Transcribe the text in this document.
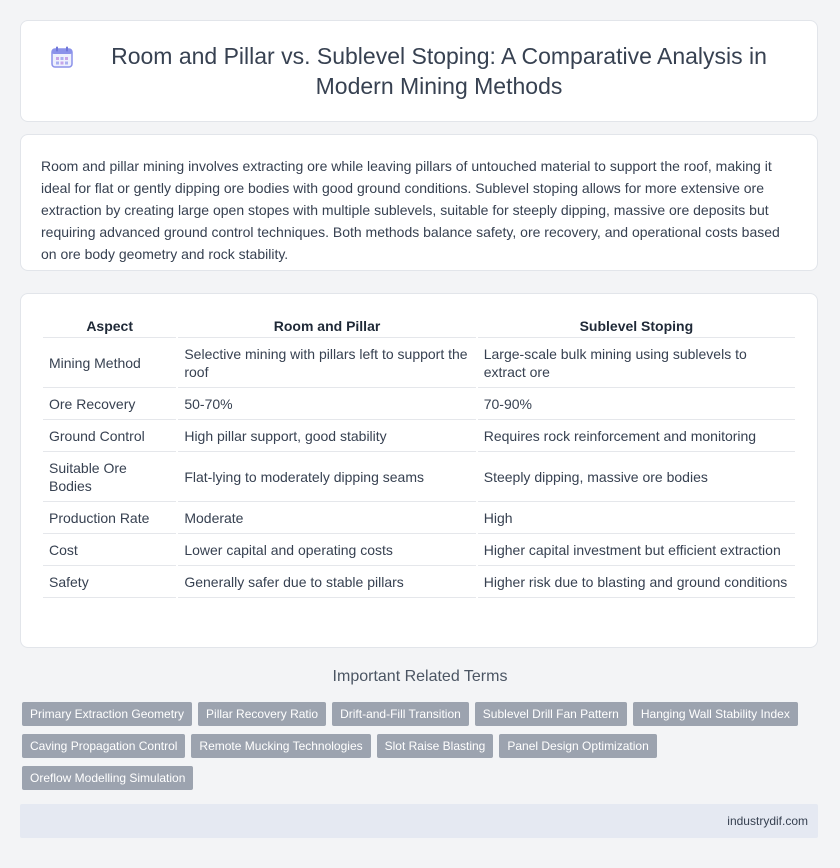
Room and Pillar vs. Sublevel Stoping: A Comparative Analysis in Modern Mining Methods

Room and pillar mining involves extracting ore while leaving pillars of untouched material to support the roof, making it ideal for flat or gently dipping ore bodies with good ground conditions. Sublevel stoping allows for more extensive ore extraction by creating large open stopes with multiple sublevels, suitable for steeply dipping, massive ore deposits but requiring advanced ground control techniques. Both methods balance safety, ore recovery, and operational costs based on ore body geometry and rock stability.

Aspect	Room and Pillar	Sublevel Stoping
Mining Method	Selective mining with pillars left to support the roof	Large-scale bulk mining using sublevels to extract ore
Ore Recovery	50-70%	70-90%
Ground Control	High pillar support, good stability	Requires rock reinforcement and monitoring
Suitable Ore Bodies	Flat-lying to moderately dipping seams	Steeply dipping, massive ore bodies
Production Rate	Moderate	High
Cost	Lower capital and operating costs	Higher capital investment but efficient extraction
Safety	Generally safer due to stable pillars	Higher risk due to blasting and ground conditions
Important Related Terms
Primary Extraction Geometry	Pillar Recovery Ratio	Drift-and-Fill Transition	Sublevel Drill Fan Pattern	Hanging Wall Stability Index
Caving Propagation Control	Remote Mucking Technologies	Slot Raise Blasting	Panel Design Optimization
Oreflow Modelling Simulation
industrydif.com
